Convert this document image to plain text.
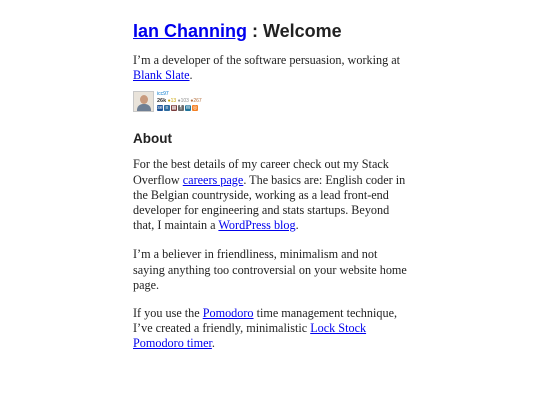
Ian Channing : Welcome

I’m a developer of the software persuasion, working at Blank Slate.

icc97
26k ●13 ●103 ●267
se ≡ ▦ ¶ W ◎
About

For the best details of my career check out my Stack Overflow careers page. The basics are: English coder in the Belgian countryside, working as a lead front-end developer for engineering and stats startups. Beyond that, I maintain a WordPress blog.

I’m a believer in friendliness, minimalism and not saying anything too controversial on your website home page.

If you use the Pomodoro time management technique, I’ve created a friendly, minimalistic Lock Stock Pomodoro timer.
